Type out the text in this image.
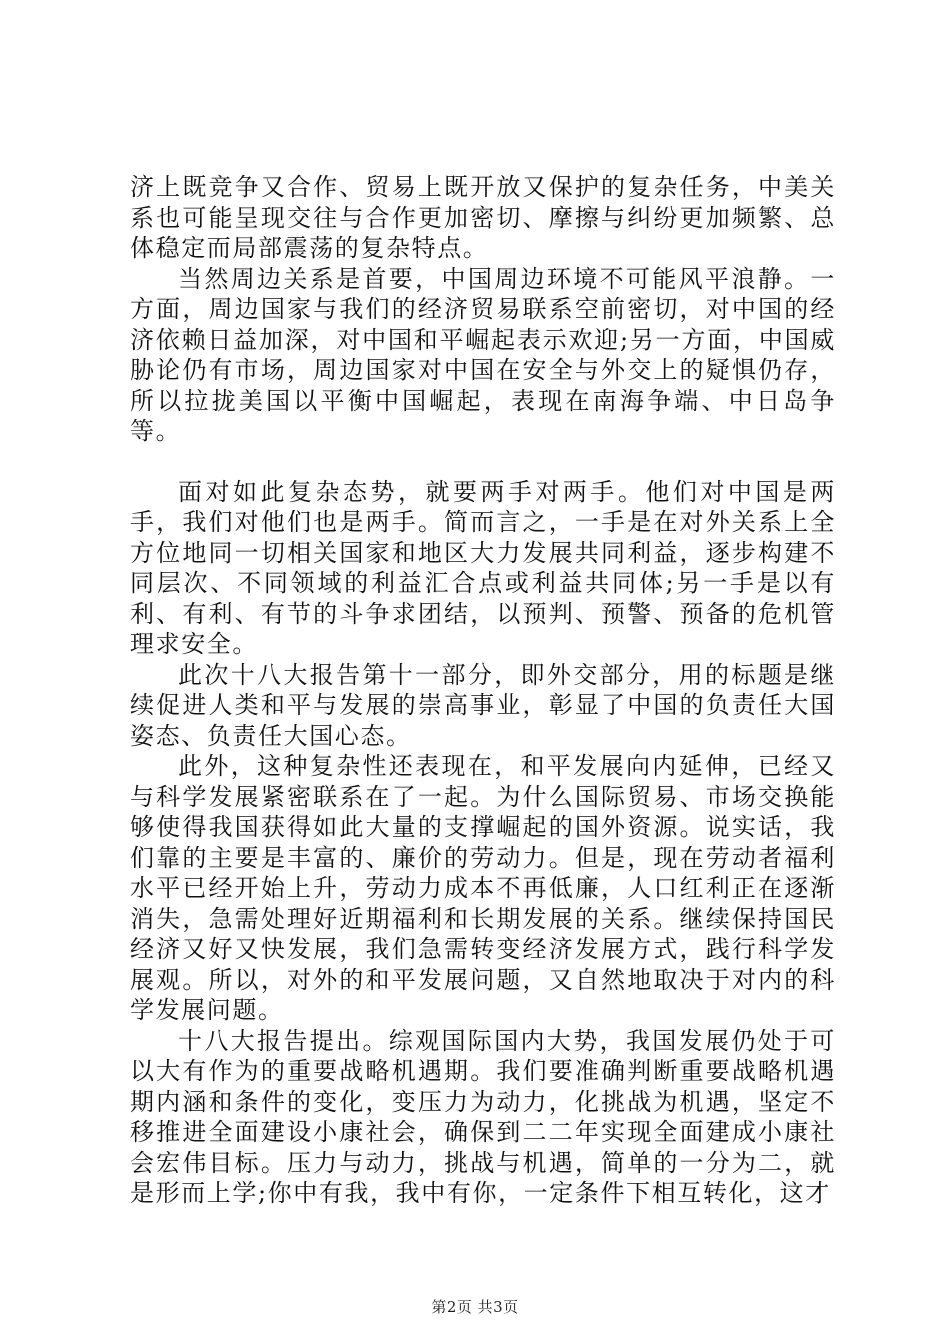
济上既竞争又合作、贸易上既开放又保护的复杂任务，中美关系也可能呈现交往与合作更加密切、摩擦与纠纷更加频繁、总体稳定而局部震荡的复杂特点。

当然周边关系是首要，中国周边环境不可能风平浪静。一方面，周边国家与我们的经济贸易联系空前密切，对中国的经济依赖日益加深，对中国和平崛起表示欢迎;另一方面，中国威胁论仍有市场，周边国家对中国在安全与外交上的疑惧仍存，所以拉拢美国以平衡中国崛起，表现在南海争端、中日岛争等。

面对如此复杂态势，就要两手对两手。他们对中国是两手，我们对他们也是两手。简而言之，一手是在对外关系上全方位地同一切相关国家和地区大力发展共同利益，逐步构建不同层次、不同领域的利益汇合点或利益共同体;另一手是以有利、有利、有节的斗争求团结，以预判、预警、预备的危机管理求安全。

此次十八大报告第十一部分，即外交部分，用的标题是继续促进人类和平与发展的崇高事业，彰显了中国的负责任大国姿态、负责任大国心态。

此外，这种复杂性还表现在，和平发展向内延伸，已经又与科学发展紧密联系在了一起。为什么国际贸易、市场交换能够使得我国获得如此大量的支撑崛起的国外资源。说实话，我们靠的主要是丰富的、廉价的劳动力。但是，现在劳动者福利水平已经开始上升，劳动力成本不再低廉，人口红利正在逐渐消失，急需处理好近期福利和长期发展的关系。继续保持国民经济又好又快发展，我们急需转变经济发展方式，践行科学发展观。所以，对外的和平发展问题，又自然地取决于对内的科学发展问题。

十八大报告提出。综观国际国内大势，我国发展仍处于可以大有作为的重要战略机遇期。我们要准确判断重要战略机遇期内涵和条件的变化，变压力为动力，化挑战为机遇，坚定不移推进全面建设小康社会，确保到二二年实现全面建成小康社会宏伟目标。压力与动力，挑战与机遇，简单的一分为二，就是形而上学;你中有我，我中有你，一定条件下相互转化，这才

第2页 共3页
